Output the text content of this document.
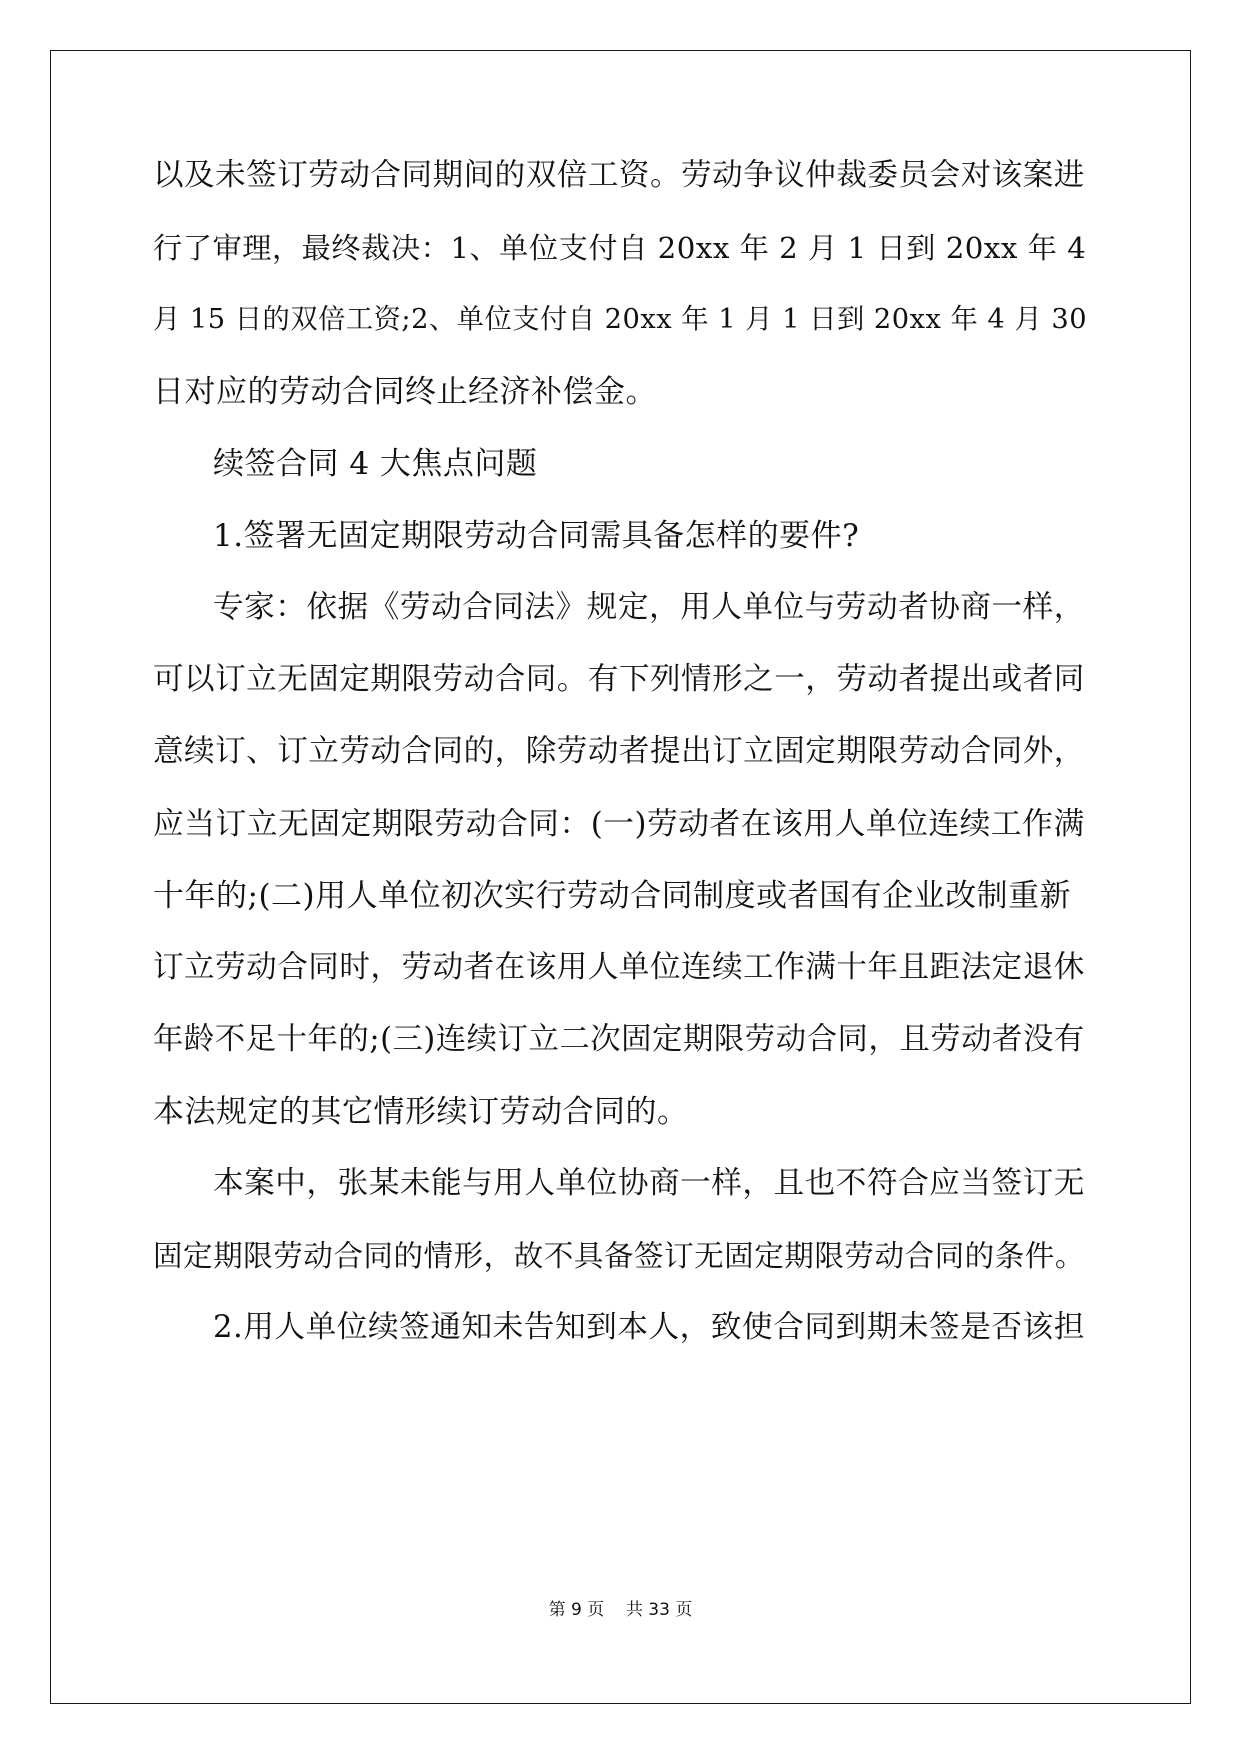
以及未签订劳动合同期间的双倍工资。劳动争议仲裁委员会对该案进
行了审理，最终裁决：1、单位支付自 20xx 年 2 月 1 日到 20xx 年 4
月 15 日的双倍工资;2、单位支付自 20xx 年 1 月 1 日到 20xx 年 4 月 30
日对应的劳动合同终止经济补偿金。
续签合同 4 大焦点问题
1.签署无固定期限劳动合同需具备怎样的要件?
专家：依据《劳动合同法》规定，用人单位与劳动者协商一样，
可以订立无固定期限劳动合同。有下列情形之一，劳动者提出或者同
意续订、订立劳动合同的，除劳动者提出订立固定期限劳动合同外，
应当订立无固定期限劳动合同：(一)劳动者在该用人单位连续工作满
十年的;(二)用人单位初次实行劳动合同制度或者国有企业改制重新
订立劳动合同时，劳动者在该用人单位连续工作满十年且距法定退休
年龄不足十年的;(三)连续订立二次固定期限劳动合同，且劳动者没有
本法规定的其它情形续订劳动合同的。
本案中，张某未能与用人单位协商一样，且也不符合应当签订无
固定期限劳动合同的情形，故不具备签订无固定期限劳动合同的条件。
2.用人单位续签通知未告知到本人，致使合同到期未签是否该担
第 9 页    共 33 页
